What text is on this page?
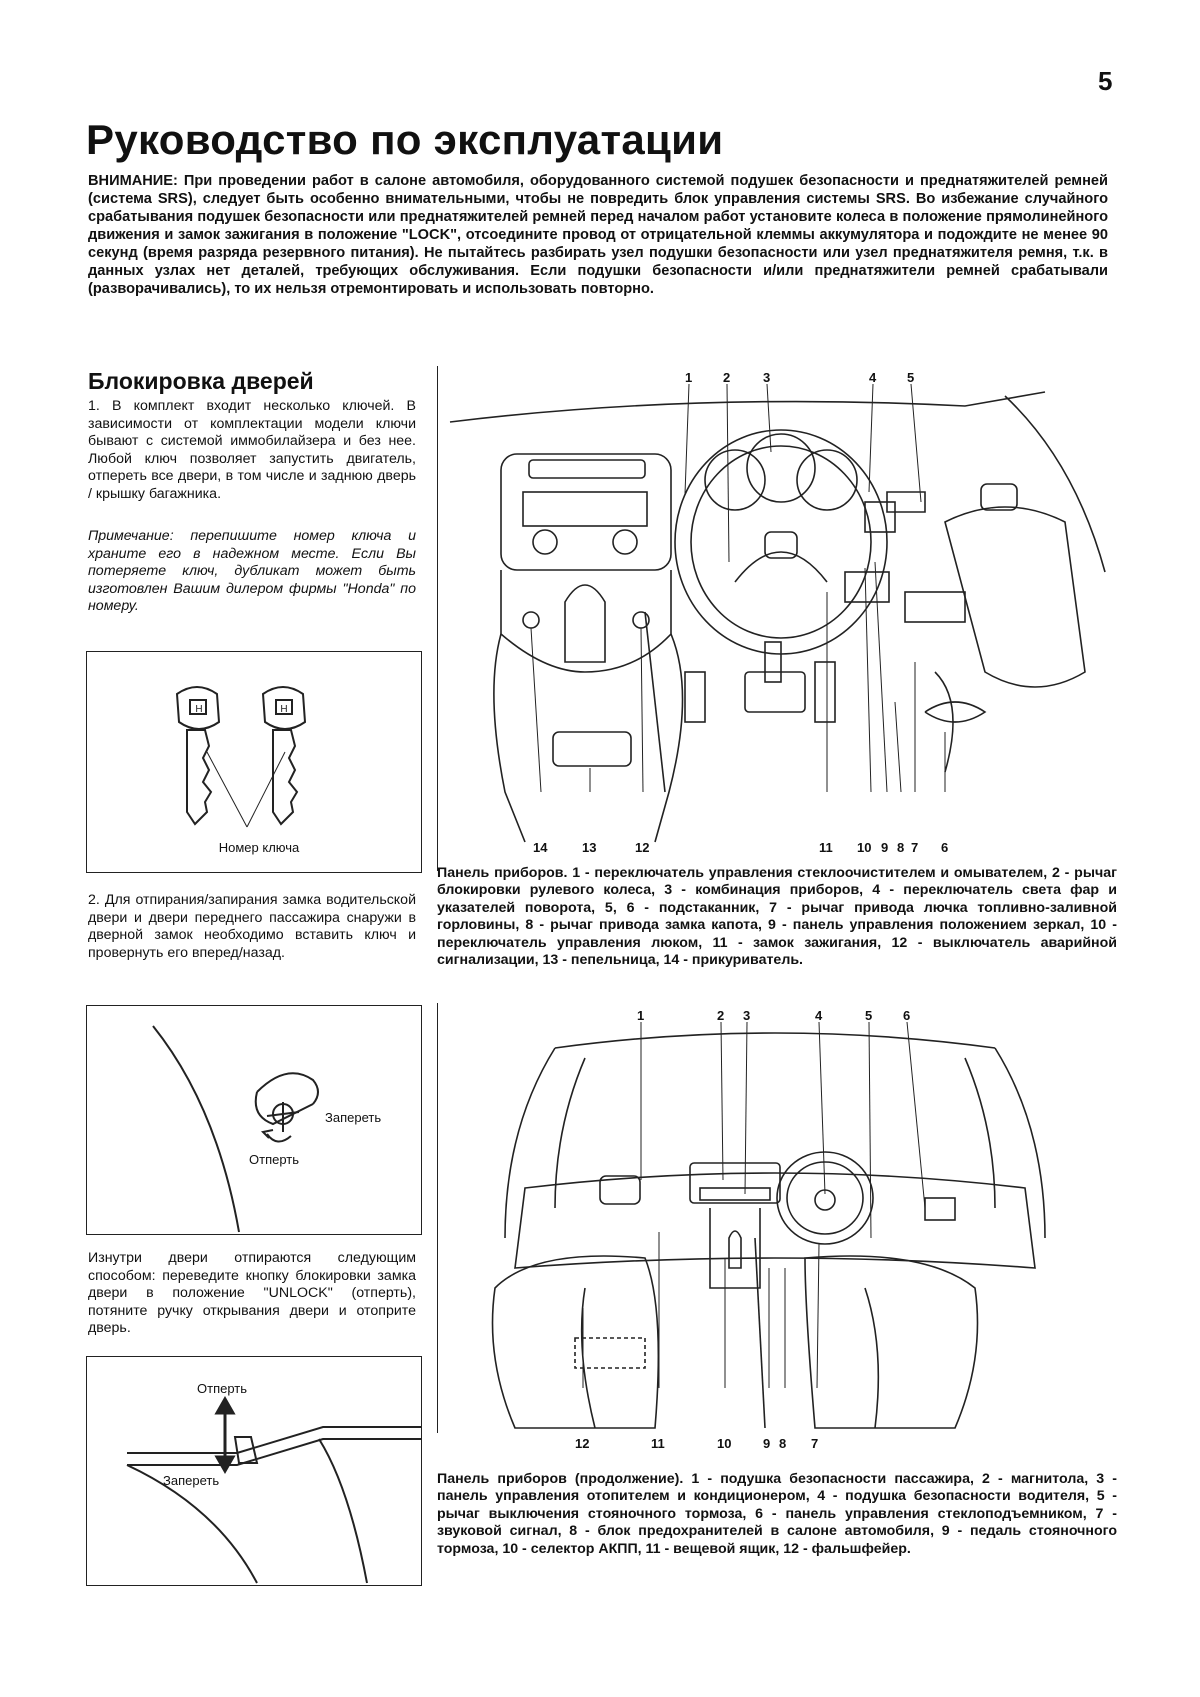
5
Руководство по эксплуатации
ВНИМАНИЕ: При проведении работ в салоне автомобиля, оборудованного системой подушек безопасности и преднатяжителей ремней (система SRS), следует быть особенно внимательными, чтобы не повредить блок управления системы SRS. Во избежание случайного срабатывания подушек безопасности или преднатяжителей ремней перед началом работ установите колеса в положение прямолинейного движения и замок зажигания в положение "LOCK", отсоедините провод от отрицательной клеммы аккумулятора и подождите не менее 90 секунд (время разряда резервного питания). Не пытайтесь разбирать узел подушки безопасности или узел преднатяжителя ремня, т.к. в данных узлах нет деталей, требующих обслуживания. Если подушки безопасности и/или преднатяжители ремней срабатывали (разворачивались), то их нельзя отремонтировать и использовать повторно.
Блокировка дверей
1. В комплект входит несколько ключей. В зависимости от комплектации модели ключи бывают с системой иммобилайзера и без нее. Любой ключ позволяет запустить двигатель, отпереть все двери, в том числе и заднюю дверь / крышку багажника.
Примечание: перепишите номер ключа и храните его в надежном месте. Если Вы потеряете ключ, дубликат может быть изготовлен Вашим дилером фирмы "Honda" по номеру.
H	H
Номер ключа
2. Для отпирания/запирания замка водительской двери и двери переднего пассажира снаружи в дверной замок необходимо вставить ключ и провернуть его вперед/назад.
Запереть
Отперть
Изнутри двери отпираются следующим способом: переведите кнопку блокировки замка двери в положение "UNLOCK" (отперть), потяните ручку открывания двери и отоприте дверь.
Отперть
Запереть
1 2	3	4 5
14	13	12	11 10 9 8 7 6
Панель приборов. 1 - переключатель управления стеклоочистителем и омывателем, 2 - рычаг блокировки рулевого колеса, 3 - комбинация приборов, 4 - переключатель света фар и указателей поворота, 5, 6 - подстаканник, 7 - рычаг привода лючка топливно-заливной горловины, 8 - рычаг привода замка капота, 9 - панель управления положением зеркал, 10 - переключатель управления люком, 11 - замок зажигания, 12 - выключатель аварийной сигнализации, 13 - пепельница, 14 - прикуриватель.
1	2 3	4	5 6
12	11	10 9 8 7
Панель приборов (продолжение). 1 - подушка безопасности пассажира, 2 - магнитола, 3 - панель управления отопителем и кондиционером, 4 - подушка безопасности водителя, 5 - рычаг выключения стояночного тормоза, 6 - панель управления стеклоподъемником, 7 - звуковой сигнал, 8 - блок предохранителей в салоне автомобиля, 9 - педаль стояночного тормоза, 10 - селектор АКПП, 11 - вещевой ящик, 12 - фальшфейер.
